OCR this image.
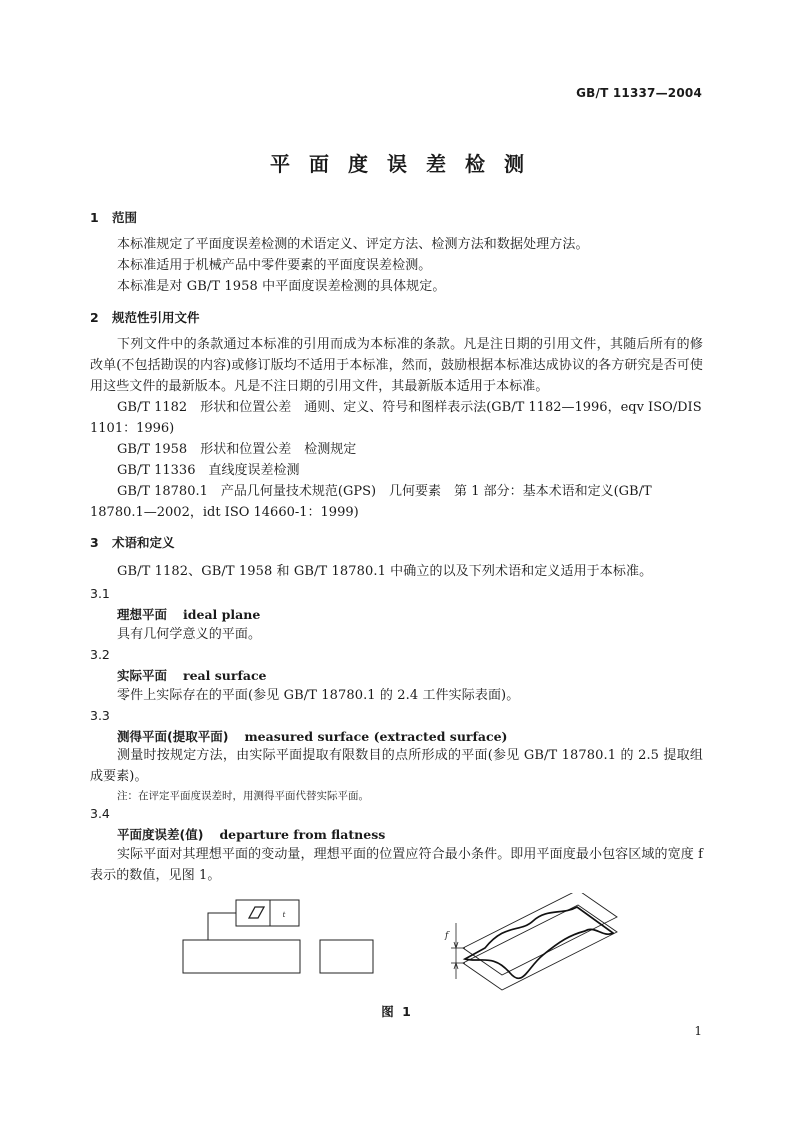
GB/T 11337—2004
平面度误差检测
1 范围
本标准规定了平面度误差检测的术语定义、评定方法、检测方法和数据处理方法。
本标准适用于机械产品中零件要素的平面度误差检测。
本标准是对 GB/T 1958 中平面度误差检测的具体规定。
2 规范性引用文件
下列文件中的条款通过本标准的引用而成为本标准的条款。凡是注日期的引用文件，其随后所有的修改单(不包括勘误的内容)或修订版均不适用于本标准，然而，鼓励根据本标准达成协议的各方研究是否可使用这些文件的最新版本。凡是不注日期的引用文件，其最新版本适用于本标准。
GB/T 1182　形状和位置公差　通则、定义、符号和图样表示法(GB/T 1182—1996，eqv ISO/DIS 1101：1996)
GB/T 1958　形状和位置公差　检测规定
GB/T 11336　直线度误差检测
GB/T 18780.1　产品几何量技术规范(GPS)　几何要素　第 1 部分：基本术语和定义(GB/T 18780.1—2002，idt ISO 14660-1：1999)
3 术语和定义
GB/T 1182、GB/T 1958 和 GB/T 18780.1 中确立的以及下列术语和定义适用于本标准。
3.1
理想平面 ideal plane
具有几何学意义的平面。
3.2
实际平面 real surface
零件上实际存在的平面(参见 GB/T 18780.1 的 2.4 工件实际表面)。
3.3
测得平面(提取平面) measured surface (extracted surface)
测量时按规定方法，由实际平面提取有限数目的点所形成的平面(参见 GB/T 18780.1 的 2.5 提取组成要素)。
注：在评定平面度误差时，用测得平面代替实际平面。
3.4
平面度误差(值) departure from flatness
实际平面对其理想平面的变动量，理想平面的位置应符合最小条件。即用平面度最小包容区域的宽度 f 表示的数值，见图 1。
t
f
图 1
1
